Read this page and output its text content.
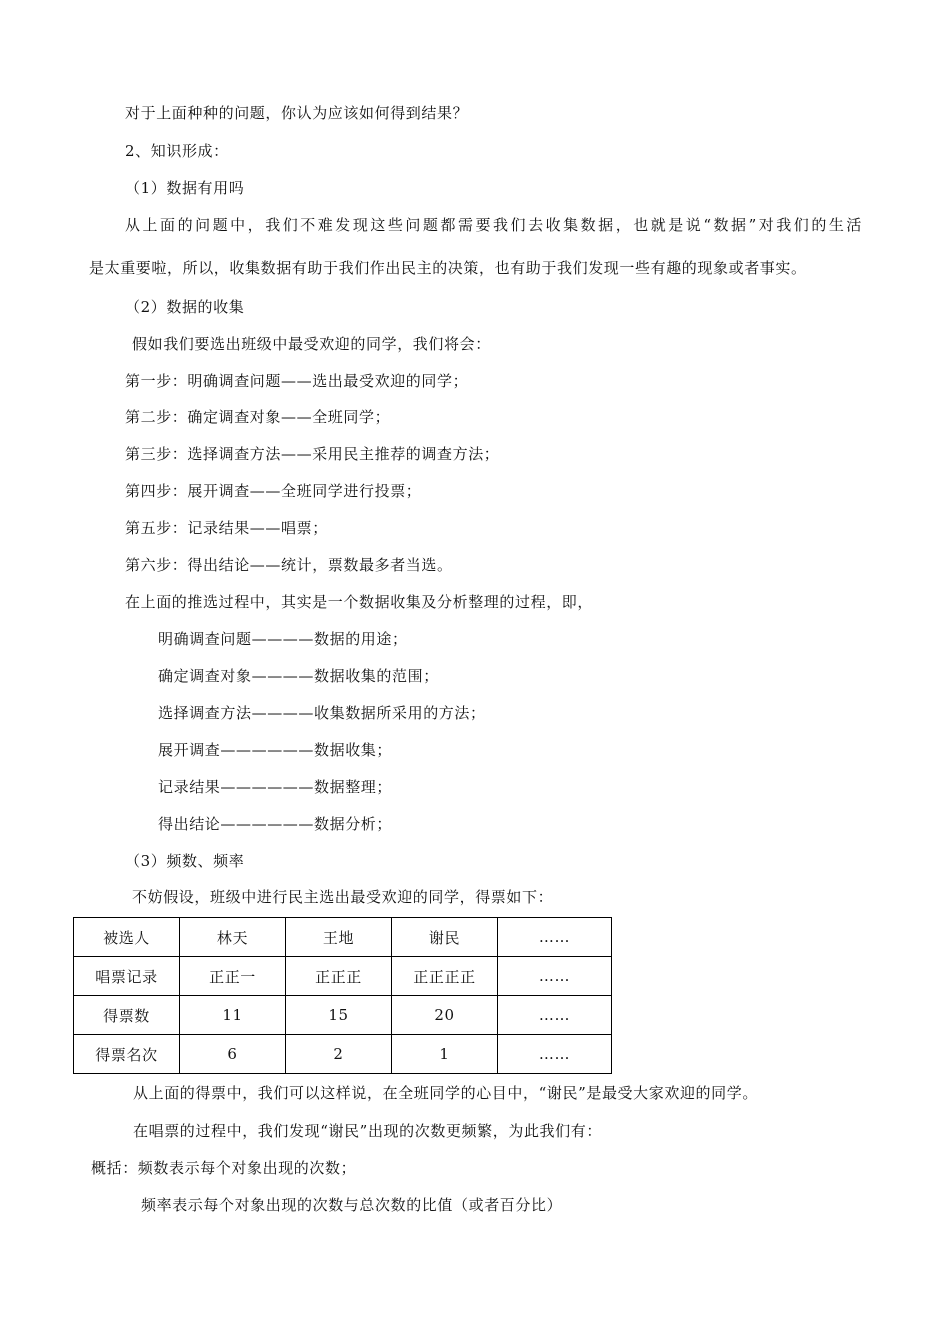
对于上面种种的问题，你认为应该如何得到结果？
2、知识形成：
（1）数据有用吗
从上面的问题中，我们不难发现这些问题都需要我们去收集数据，也就是说“数据”对我们的生活
是太重要啦，所以，收集数据有助于我们作出民主的决策，也有助于我们发现一些有趣的现象或者事实。
（2）数据的收集
假如我们要选出班级中最受欢迎的同学，我们将会：
第一步：明确调查问题——选出最受欢迎的同学；
第二步：确定调查对象——全班同学；
第三步：选择调查方法——采用民主推荐的调查方法；
第四步：展开调查——全班同学进行投票；
第五步：记录结果——唱票；
第六步：得出结论——统计，票数最多者当选。
在上面的推选过程中，其实是一个数据收集及分析整理的过程，即，
明确调查问题————数据的用途；
确定调查对象————数据收集的范围；
选择调查方法————收集数据所采用的方法；
展开调查——————数据收集；
记录结果——————数据整理；
得出结论——————数据分析；
（3）频数、频率
不妨假设，班级中进行民主选出最受欢迎的同学，得票如下：
被选人	林天	王地	谢民	……
唱票记录	正正一	正正正	正正正正	……
得票数	11	15	20	……
得票名次	6	2	1	……
从上面的得票中，我们可以这样说，在全班同学的心目中，“谢民”是最受大家欢迎的同学。
在唱票的过程中，我们发现“谢民”出现的次数更频繁，为此我们有：
概括：频数表示每个对象出现的次数；
频率表示每个对象出现的次数与总次数的比值（或者百分比）
